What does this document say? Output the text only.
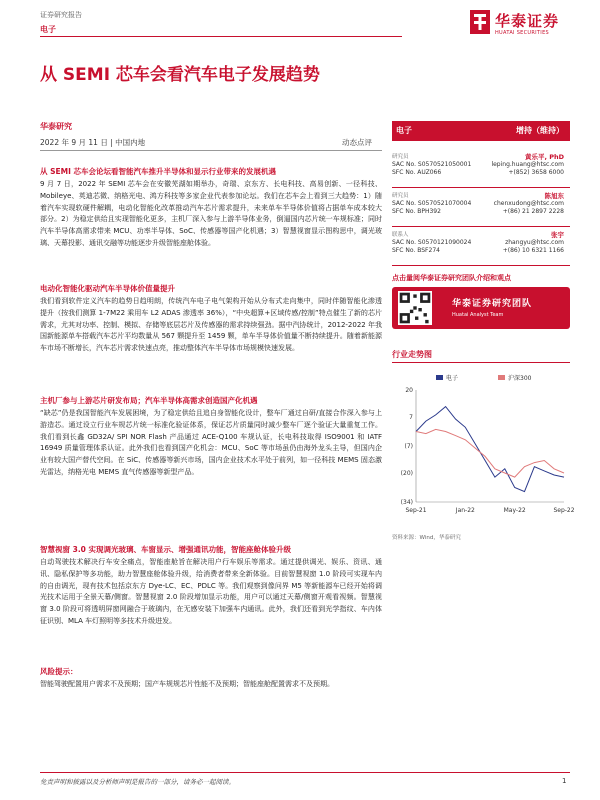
证券研究报告
电子	华泰证券
HUATAI SECURITIES
从 SEMI 芯车会看汽车电子发展趋势
华泰研究
2022 年 9 月 11 日 | 中国内地	动态点评
从 SEMI 芯车会论坛看智能汽车推升半导体和显示行业带来的发展机遇
9 月 7 日，2022 年 SEMI 芯车会在安徽芜湖如期举办，奇瑞、京东方、长电科技、高易创新、一径科技、Mobileye、英迪芯微、纳格光电、鸿方科技等多家企业代表参加论坛。我们在芯车会上看到三大趋势：1）随着汽车实现软硬件解耦，电动化智能化改革推动汽车芯片需求提升，未来单车半导体价值将占据单车成本较大部分。2）为稳定供给且实现智能化更多，主机厂深入参与上游半导体业务，倒逼国内芯片统一车规标准；同时汽车半导体高需求带来 MCU、功率半导体、SoC、传感器等国产化机遇；3）智慧视窗显示图构思中，调光玻璃、天幕投影、通讯交融等功能逐步升级智能座舱体验。
电动化智能化驱动汽车半导体价值量提升
我们看到软件定义汽车的趋势日趋明朗，传统汽车电子电气架构开始从分布式走向集中，同时伴随智能化渗透提升（按我们测算 1-7M22 乘用车 L2 ADAS 渗透率 36%），“中央超算+区域传感/控制”特点催生了新的芯片需求，尤其对功率、控制、模拟、存储等底层芯片及传感器的需求持续强劲。据中汽协统计，2012-2022 年我国新能源单车搭载汽车芯片平均数量从 567 颗提升至 1459 颗，单车半导体价值量不断持续提升。随着新能源车市场不断增长，汽车芯片需求快速点亮，推动整体汽车半导体市场规模快速发展。
主机厂参与上游芯片研发布局；汽车半导体高需求创造国产化机遇
“缺芯”仍是我国智能汽车发展困境，为了稳定供给且追自身智能化设计，整车厂通过自研/直接合作深入参与上游造芯。通过设立行业车规芯片统一标准化验证体系，保证芯片质量同时减少整车厂逐个验证大量重复工作。我们看到长鑫 GD32A/ SPI NOR Flash 产品通过 ACE-Q100 车规认证，长电科技取得 ISO9001 和 IATF 16949 质量管理体系认证。此外我们也看到国产化机会：MCU、SoC 等市场虽仍由海外龙头主导，但国内企业有较大国产替代空间。在 SiC、传感器等新兴市场，国内企业技术水平处于前列，如一径科技 MEMS 固态激光雷达，纳格光电 MEMS 直气传感器等新型产品。
智慧视窗 3.0 实现调光玻璃、车窗显示、增强通讯功能，智能座舱体验升级
自动驾驶技术解决行车安全痛点，智能座舱旨在解决用户行车娱乐等需求。通过提供调光、娱乐、资讯、通讯、隐私保护等多功能，助力智慧座舱体验升级，给消费者带来全新体验。目前智慧视窗 1.0 阶段可实现车内的自由调光，现有技术包括京东方 Dye-LC、EC、PDLC 等。我们观察到像问界 M5 等新能源车已经开始将调光技术运用于全景天幕/侧窗。智慧视窗 2.0 阶段增加显示功能，用户可以通过天幕/侧窗开观看视频。智慧视窗 3.0 阶段可将透明屏窗网融合于玻璃内，在无感安装下加强车内通讯。此外，我们还看到光学指纹、车内体征识别、MLA 车灯照明等多技术升级进发。
风险提示：
智能驾驶配置用户需求不及预期；国产车规规芯片性能不及预期；智能座舱配置需求不及预期。
电子	增持（维持）
研究员	黄乐平, PhD
SAC No. S0570521050001	leping.huang@htsc.com
SFC No. AUZ066	+(852) 3658 6000
研究员	陈旭东
SAC No. S0570521070004	chenxudong@htsc.com
SFC No. BPH392	+(86) 21 2897 2228
联系人	张宇
SAC No. S0570121090024	zhangyu@htsc.com
SFC No. BSF274	+(86) 10 6321 1166
点击量阅华泰证券研究团队介绍和观点
华泰证券研究团队
Huatai Analyst Team
行业走势图
20
7
(7)
(20)
(34)
Sep-21	Jan-22	May-22	Sep-22
电子	沪深300
资料来源：Wind，华泰研究
免责声明和披露以及分析师声明是报告的一部分，请务必一起阅读。	1
